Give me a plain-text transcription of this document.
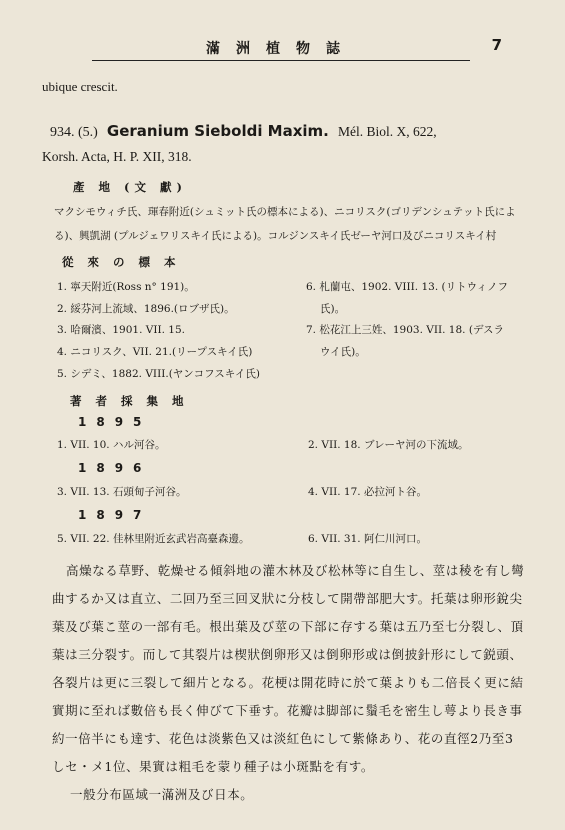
滿洲植物誌	7
ubique crescit.
934. (5.) Geranium Sieboldi Maxim. Mél. Biol. X, 622,
Korsh. Acta, H. P. XII, 318.
產 地 (文 獻)
マクシモウィチ氏、琿春附近(シュミット氏の標本による)、ニコリスク(ゴリデンシュテット氏によ
る)、興凱湖 (プルジェワリスキイ氏による)。コルジンスキイ氏ゼーヤ河口及びニコリスキイ村
從 來 の 標 本
1. 寧天附近(Ross n° 191)。
2. 綏芬河上流域、1896.(ロブザ氏)。
3. 哈爾濱、1901. VII. 15.
4. ニコリスク、VII. 21.(リープスキイ氏)
5. シデミ、1882. VIII.(ヤンコフスキイ氏)
6. 札蘭屯、1902. VIII. 13. (リトウィノフ
氏)。
7. 松花江上三姓、1903. VII. 18. (デスラ
ウイ氏)。
著 者 採 集 地
1895
1. VII. 10. ハル河谷。	2. VII. 18. ブレーヤ河の下流域。
1896
3. VII. 13. 石頭甸子河谷。	4. VII. 17. 必拉河ト谷。
1897
5. VII. 22. 佳林里附近玄武岩高臺森邊。	6. VII. 31. 阿仁川河口。
高燥なる草野、乾燥せる傾斜地の灌木林及び松林等に自生し、莖は稜を有し彎
曲するか又は直立、二回乃至三回叉狀に分枝して開帶部肥大す。托葉は卵形銳尖
葉及び葉こ莖の一部有毛。根出葉及び莖の下部に存する葉は五乃至七分裂し、頂
葉は三分裂す。而して其裂片は楔狀倒卵形又は倒卵形或は倒披針形にして鋭頭、
各裂片は更に三裂して細片となる。花梗は開花時に於て葉よりも二倍長く更に結
實期に至れば數倍も長く伸びて下垂す。花瓣は脚部に鬚毛を密生し萼より長き事
約一倍半にも達す、花色は淡紫色又は淡紅色にして紫條あり、花の直徑2乃至3
しセ・メ1位、果實は粗毛を蒙り種子は小斑點を有す。
一般分布區域一滿洲及び日本。
